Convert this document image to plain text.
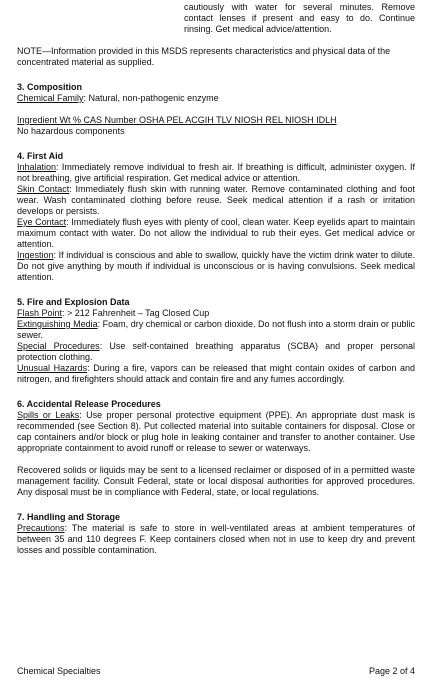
cautiously with water for several minutes. Remove contact lenses if present and easy to do. Continue rinsing. Get medical advice/attention.

NOTE—Information provided in this MSDS represents characteristics and physical data of the concentrated material as supplied.

3. Composition

Chemical Family: Natural, non-pathogenic enzyme

Ingredient Wt % CAS Number OSHA PEL ACGIH TLV NIOSH REL NIOSH IDLH

No hazardous components

4. First Aid

Inhalation: Immediately remove individual to fresh air. If breathing is difficult, administer oxygen. If not breathing, give artificial respiration. Get medical advice or attention.

Skin Contact: Immediately flush skin with running water. Remove contaminated clothing and foot wear. Wash contaminated clothing before reuse. Seek medical attention if a rash or irritation develops or persists.

Eye Contact: Immediately flush eyes with plenty of cool, clean water. Keep eyelids apart to maintain maximum contact with water. Do not allow the individual to rub their eyes. Get medical advice or attention.

Ingestion: If individual is conscious and able to swallow, quickly have the victim drink water to dilute. Do not give anything by mouth if individual is unconscious or is having convulsions. Seek medical attention.

5. Fire and Explosion Data

Flash Point: > 212 Fahrenheit – Tag Closed Cup

Extinguishing Media: Foam, dry chemical or carbon dioxide. Do not flush into a storm drain or public sewer.

Special Procedures: Use self-contained breathing apparatus (SCBA) and proper personal protection clothing.

Unusual Hazards: During a fire, vapors can be released that might contain oxides of carbon and nitrogen, and firefighters should attack and contain fire and any fumes accordingly.

6. Accidental Release Procedures

Spills or Leaks: Use proper personal protective equipment (PPE). An appropriate dust mask is recommended (see Section 8). Put collected material into suitable containers for disposal. Close or cap containers and/or block or plug hole in leaking container and transfer to another container. Use appropriate containment to avoid runoff or release to sewer or waterways.

Recovered solids or liquids may be sent to a licensed reclaimer or disposed of in a permitted waste management facility. Consult Federal, state or local disposal authorities for approved procedures. Any disposal must be in compliance with Federal, state, or local regulations.

7. Handling and Storage

Precautions: The material is safe to store in well-ventilated areas at ambient temperatures of between 35 and 110 degrees F. Keep containers closed when not in use to keep dry and prevent losses and possible contamination.

Chemical Specialties	Page 2 of 4
